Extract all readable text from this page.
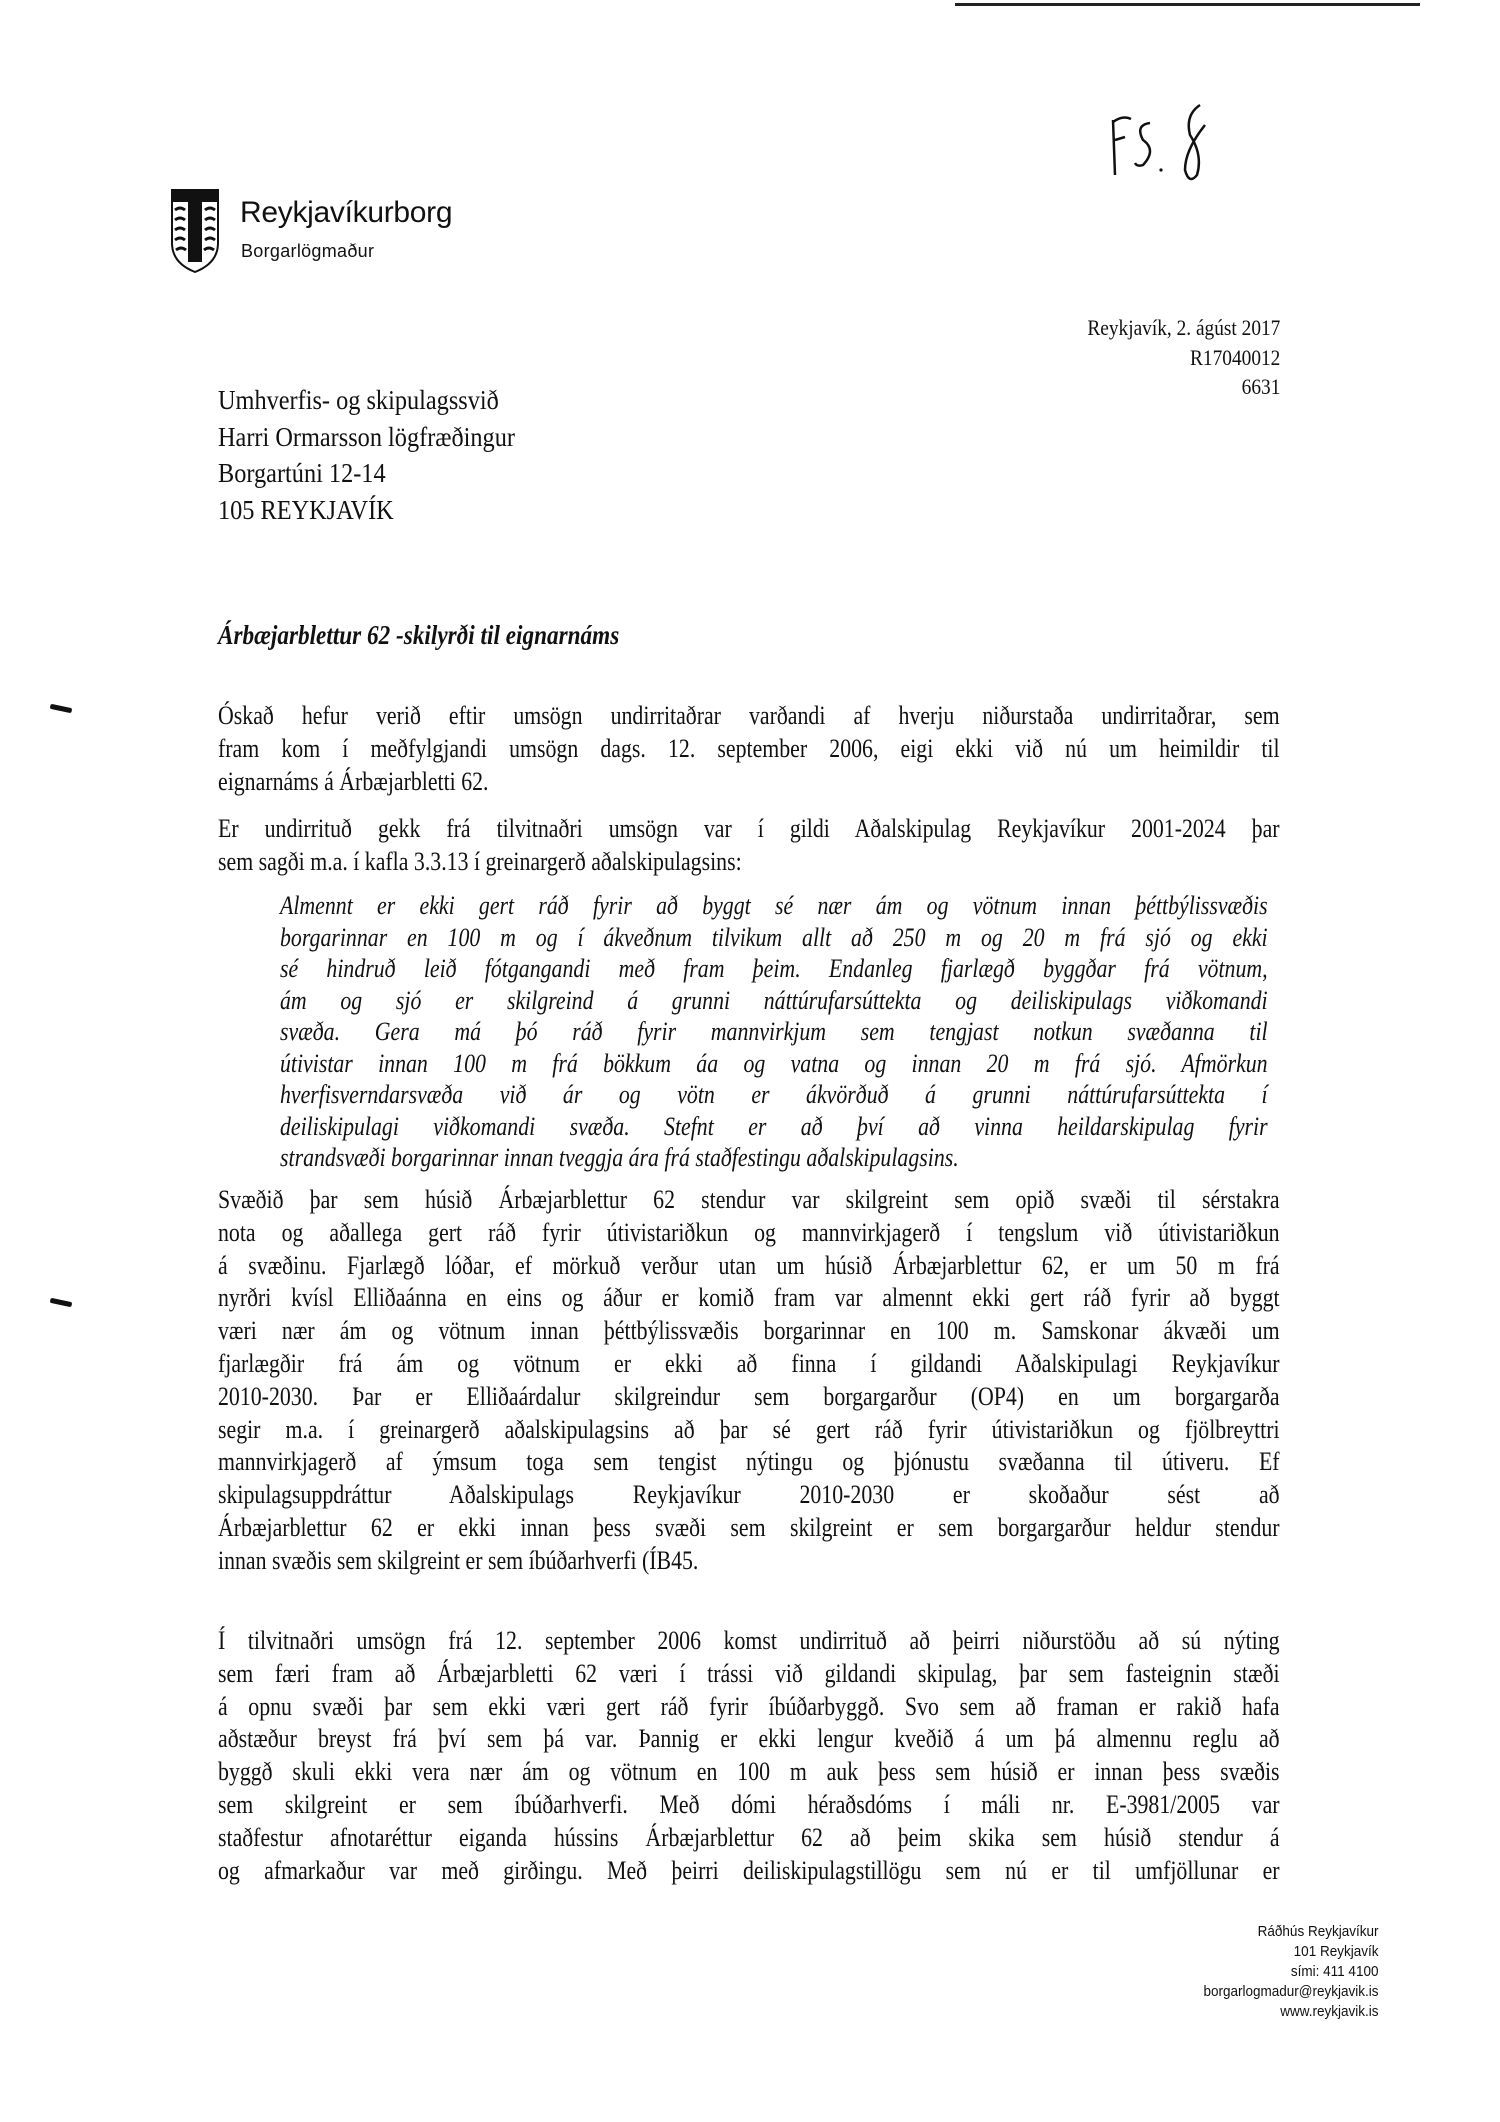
Reykjavíkurborg
Borgarlögmaður
Reykjavík, 2. ágúst 2017
R17040012
6631
Umhverfis- og skipulagssvið
Harri Ormarsson lögfræðingur
Borgartúni 12-14
105 REYKJAVÍK
Árbæjarblettur 62 -skilyrði til eignarnáms
Óskað hefur verið eftir umsögn undirritaðrar varðandi af hverju niðurstaða undirritaðrar, sem
fram kom í meðfylgjandi umsögn dags. 12. september 2006, eigi ekki við nú um heimildir til
eignarnáms á Árbæjarbletti 62.
Er undirrituð gekk frá tilvitnaðri umsögn var í gildi Aðalskipulag Reykjavíkur 2001-2024 þar
sem sagði m.a. í kafla 3.3.13 í greinargerð aðalskipulagsins:
Almennt er ekki gert ráð fyrir að byggt sé nær ám og vötnum innan þéttbýlissvæðis
borgarinnar en 100 m og í ákveðnum tilvikum allt að 250 m og 20 m frá sjó og ekki
sé hindruð leið fótgangandi með fram þeim. Endanleg fjarlægð byggðar frá vötnum,
ám og sjó er skilgreind á grunni náttúrufarsúttekta og deiliskipulags viðkomandi
svæða. Gera má þó ráð fyrir mannvirkjum sem tengjast notkun svæðanna til
útivistar innan 100 m frá bökkum áa og vatna og innan 20 m frá sjó. Afmörkun
hverfisverndarsvæða við ár og vötn er ákvörðuð á grunni náttúrufarsúttekta í
deiliskipulagi viðkomandi svæða. Stefnt er að því að vinna heildarskipulag fyrir
strandsvæði borgarinnar innan tveggja ára frá staðfestingu aðalskipulagsins.
Svæðið þar sem húsið Árbæjarblettur 62 stendur var skilgreint sem opið svæði til sérstakra
nota og aðallega gert ráð fyrir útivistariðkun og mannvirkjagerð í tengslum við útivistariðkun
á svæðinu. Fjarlægð lóðar, ef mörkuð verður utan um húsið Árbæjarblettur 62, er um 50 m frá
nyrðri kvísl Elliðaánna en eins og áður er komið fram var almennt ekki gert ráð fyrir að byggt
væri nær ám og vötnum innan þéttbýlissvæðis borgarinnar en 100 m. Samskonar ákvæði um
fjarlægðir frá ám og vötnum er ekki að finna í gildandi Aðalskipulagi Reykjavíkur
2010-2030. Þar er Elliðaárdalur skilgreindur sem borgargarður (OP4) en um borgargarða
segir m.a. í greinargerð aðalskipulagsins að þar sé gert ráð fyrir útivistariðkun og fjölbreyttri
mannvirkjagerð af ýmsum toga sem tengist nýtingu og þjónustu svæðanna til útiveru. Ef
skipulagsuppdráttur Aðalskipulags Reykjavíkur 2010-2030 er skoðaður sést að
Árbæjarblettur 62 er ekki innan þess svæði sem skilgreint er sem borgargarður heldur stendur
innan svæðis sem skilgreint er sem íbúðarhverfi (ÍB45.
Í tilvitnaðri umsögn frá 12. september 2006 komst undirrituð að þeirri niðurstöðu að sú nýting
sem færi fram að Árbæjarbletti 62 væri í trássi við gildandi skipulag, þar sem fasteignin stæði
á opnu svæði þar sem ekki væri gert ráð fyrir íbúðarbyggð. Svo sem að framan er rakið hafa
aðstæður breyst frá því sem þá var. Þannig er ekki lengur kveðið á um þá almennu reglu að
byggð skuli ekki vera nær ám og vötnum en 100 m auk þess sem húsið er innan þess svæðis
sem skilgreint er sem íbúðarhverfi. Með dómi héraðsdóms í máli nr. E-3981/2005 var
staðfestur afnotaréttur eiganda hússins Árbæjarblettur 62 að þeim skika sem húsið stendur á
og afmarkaður var með girðingu. Með þeirri deiliskipulagstillögu sem nú er til umfjöllunar er
Ráðhús Reykjavíkur
101 Reykjavík
sími: 411 4100
borgarlogmadur@reykjavik.is
www.reykjavik.is
